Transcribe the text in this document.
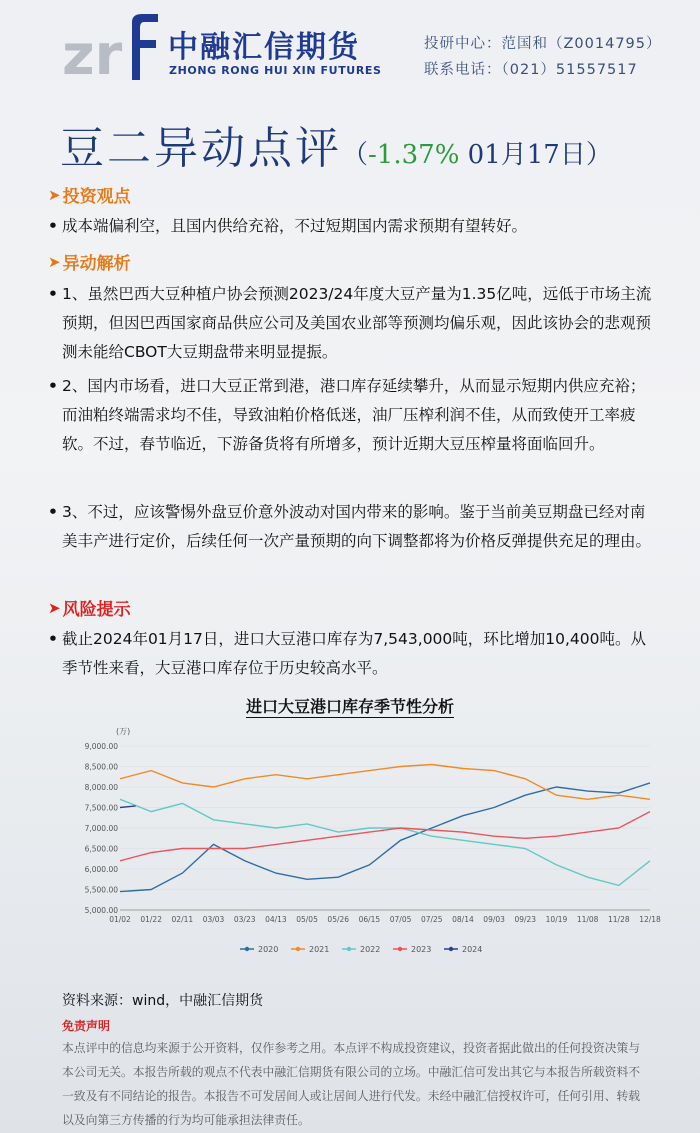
zr 中融汇信期货
ZHONG RONG HUI XIN FUTURES
投研中心：范国和（Z0014795）
联系电话：（021）51557517
豆二异动点评（-1.37% 01月17日）
➤ 投资观点
• 成本端偏利空，且国内供给充裕，不过短期国内需求预期有望转好。
➤ 异动解析
• 1、虽然巴西大豆种植户协会预测2023/24年度大豆产量为1.35亿吨，远低于市场主流预期，但因巴西国家商品供应公司及美国农业部等预测均偏乐观，因此该协会的悲观预测未能给CBOT大豆期盘带来明显提振。
• 2、国内市场看，进口大豆正常到港，港口库存延续攀升，从而显示短期内供应充裕；而油粕终端需求均不佳，导致油粕价格低迷，油厂压榨利润不佳，从而致使开工率疲软。不过，春节临近，下游备货将有所增多，预计近期大豆压榨量将面临回升。
• 3、不过，应该警惕外盘豆价意外波动对国内带来的影响。鉴于当前美豆期盘已经对南美丰产进行定价，后续任何一次产量预期的向下调整都将为价格反弹提供充足的理由。
➤ 风险提示
• 截止2024年01月17日，进口大豆港口库存为7,543,000吨，环比增加10,400吨。从季节性来看，大豆港口库存位于历史较高水平。
进口大豆港口库存季节性分析
(万)
9,000.00
8,500.00
8,000.00
7,500.00
7,000.00
6,500.00
6,000.00
5,500.00
5,000.00
01/02 01/22 02/11 03/03 03/23 04/13 05/05 05/26 06/15 07/05 07/25 08/14 09/03 09/23 10/19 11/08 11/28 12/18
2020	2021	2022	2023	2024
资料来源：wind，中融汇信期货
免责声明
本点评中的信息均来源于公开资料，仅作参考之用。本点评不构成投资建议，投资者据此做出的任何投资决策与本公司无关。本报告所载的观点不代表中融汇信期货有限公司的立场。中融汇信可发出其它与本报告所载资料不一致及有不同结论的报告。本报告不可发居间人或让居间人进行代发。未经中融汇信授权许可，任何引用、转载以及向第三方传播的行为均可能承担法律责任。
